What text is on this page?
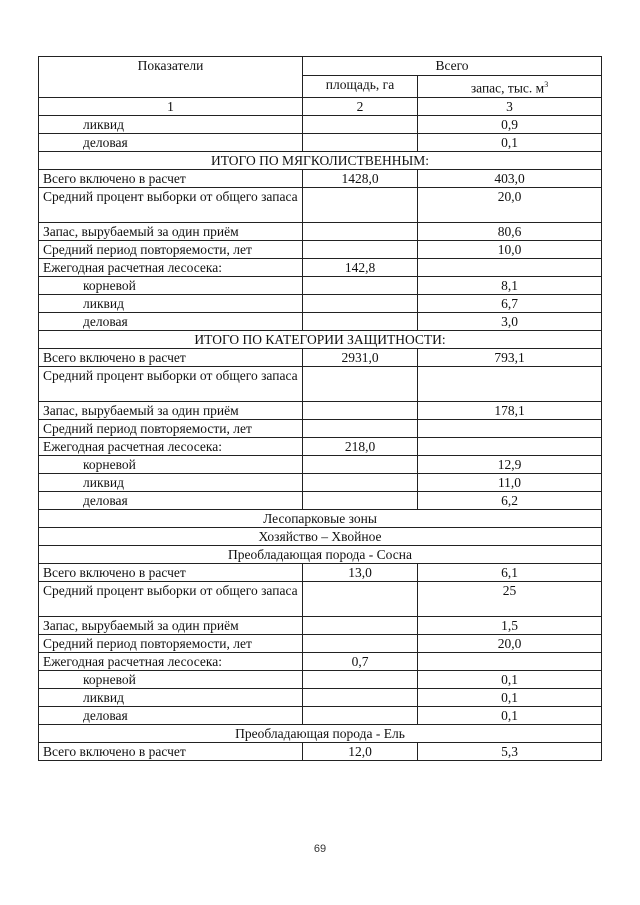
Показатели	Всего	
	площадь, га	запас, тыс. $м^3$
1	2	3
ликвид		0,9
деловая		0,1
ИТОГО ПО МЯГКОЛИСТВЕННЫМ:		
Всего включено в расчет	1428,0	403,0
Средний процент выборки от общего запаса		20,0
Запас, вырубаемый за один приём		80,6
Средний период повторяемости, лет		10,0
Ежегодная расчетная лесосека:	142,8	
корневой		8,1
ликвид		6,7
деловая		3,0
ИТОГО ПО КАТЕГОРИИ ЗАЩИТНОСТИ:		
Всего включено в расчет	2931,0	793,1
Средний процент выборки от общего запаса		
Запас, вырубаемый за один приём		178,1
Средний период повторяемости, лет		
Ежегодная расчетная лесосека:	218,0	
корневой		12,9
ликвид		11,0
деловая		6,2
Лесопарковые зоны		
Хозяйство – Хвойное		
Преобладающая порода - Сосна		
Всего включено в расчет	13,0	6,1
Средний процент выборки от общего запаса		25
Запас, вырубаемый за один приём		1,5
Средний период повторяемости, лет		20,0
Ежегодная расчетная лесосека:	0,7	
корневой		0,1
ликвид		0,1
деловая		0,1
Преобладающая порода - Ель		
Всего включено в расчет	12,0	5,3
69
